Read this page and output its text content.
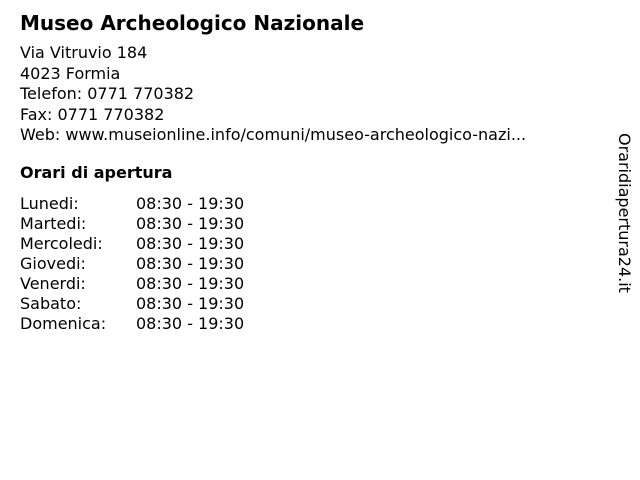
Museo Archeologico Nazionale
Via Vitruvio 184
4023 Formia
Telefon: 0771 770382
Fax: 0771 770382
Web: www.museionline.info/comuni/museo-archeologico-nazi...
Orari di apertura
Lunedi:	08:30 - 19:30
Martedi:	08:30 - 19:30
Mercoledi:	08:30 - 19:30
Giovedi:	08:30 - 19:30
Venerdi:	08:30 - 19:30
Sabato:	08:30 - 19:30
Domenica:	08:30 - 19:30
Oraridiapertura24.it
